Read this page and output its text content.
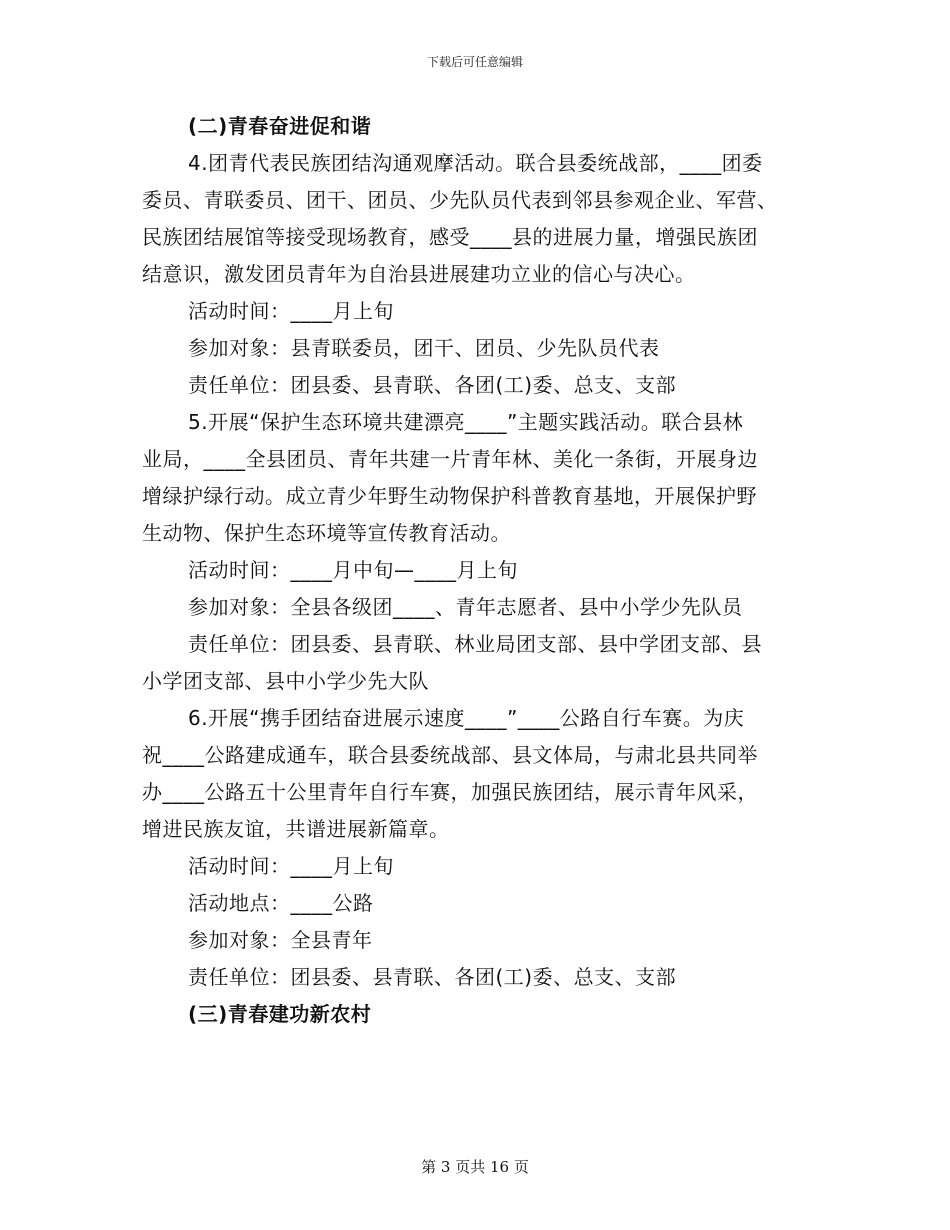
下载后可任意编辑
(二)青春奋进促和谐
4.团青代表民族团结沟通观摩活动。联合县委统战部，____团委
委员、青联委员、团干、团员、少先队员代表到邻县参观企业、军营、
民族团结展馆等接受现场教育，感受____县的进展力量，增强民族团
结意识，激发团员青年为自治县进展建功立业的信心与决心。
活动时间：____月上旬
参加对象：县青联委员，团干、团员、少先队员代表
责任单位：团县委、县青联、各团(工)委、总支、支部
5.开展“保护生态环境共建漂亮____”主题实践活动。联合县林
业局，____全县团员、青年共建一片青年林、美化一条街，开展身边
增绿护绿行动。成立青少年野生动物保护科普教育基地，开展保护野
生动物、保护生态环境等宣传教育活动。
活动时间：____月中旬—____月上旬
参加对象：全县各级团____、青年志愿者、县中小学少先队员
责任单位：团县委、县青联、林业局团支部、县中学团支部、县
小学团支部、县中小学少先大队
6.开展“携手团结奋进展示速度____”____公路自行车赛。为庆
祝____公路建成通车，联合县委统战部、县文体局，与肃北县共同举
办____公路五十公里青年自行车赛，加强民族团结，展示青年风采，
增进民族友谊，共谱进展新篇章。
活动时间：____月上旬
活动地点：____公路
参加对象：全县青年
责任单位：团县委、县青联、各团(工)委、总支、支部
(三)青春建功新农村
第 3 页共 16 页
